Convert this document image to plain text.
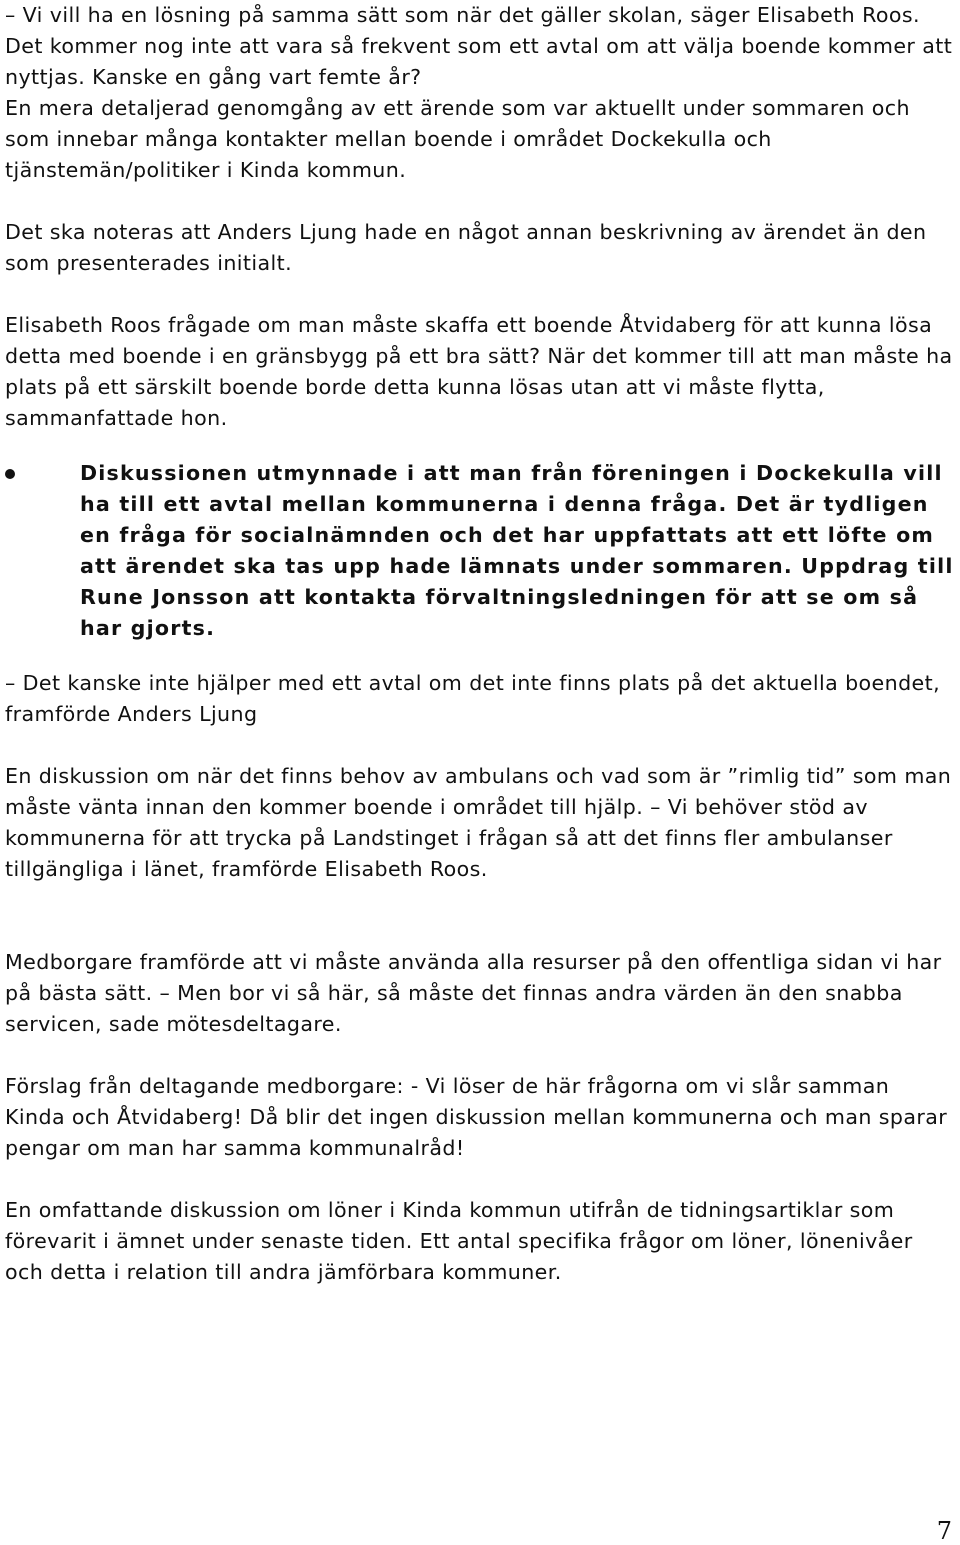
– Vi vill ha en lösning på samma sätt som när det gäller skolan, säger Elisabeth Roos. Det kommer nog inte att vara så frekvent som ett avtal om att välja boende kommer att nyttjas. Kanske en gång vart femte år?

En mera detaljerad genomgång av ett ärende som var aktuellt under sommaren och som innebar många kontakter mellan boende i området Dockekulla och tjänstemän/politiker i Kinda kommun.

Det ska noteras att Anders Ljung hade en något annan beskrivning av ärendet än den som presenterades initialt.

Elisabeth Roos frågade om man måste skaffa ett boende Åtvidaberg för att kunna lösa detta med boende i en gränsbygg på ett bra sätt? När det kommer till att man måste ha plats på ett särskilt boende borde detta kunna lösas utan att vi måste flytta, sammanfattade hon.

Diskussionen utmynnade i att man från föreningen i Dockekulla vill ha till ett avtal mellan kommunerna i denna fråga. Det är tydligen en fråga för socialnämnden och det har uppfattats att ett löfte om att ärendet ska tas upp hade lämnats under sommaren. Uppdrag till Rune Jonsson att kontakta förvaltningsledningen för att se om så har gjorts.

– Det kanske inte hjälper med ett avtal om det inte finns plats på det aktuella boendet, framförde Anders Ljung

En diskussion om när det finns behov av ambulans och vad som är ”rimlig tid” som man måste vänta innan den kommer boende i området till hjälp. – Vi behöver stöd av kommunerna för att trycka på Landstinget i frågan så att det finns fler ambulanser tillgängliga i länet, framförde Elisabeth Roos.

Medborgare framförde att vi måste använda alla resurser på den offentliga sidan vi har på bästa sätt. – Men bor vi så här, så måste det finnas andra värden än den snabba servicen, sade mötesdeltagare.

Förslag från deltagande medborgare: - Vi löser de här frågorna om vi slår samman Kinda och Åtvidaberg! Då blir det ingen diskussion mellan kommunerna och man sparar pengar om man har samma kommunalråd!

En omfattande diskussion om löner i Kinda kommun utifrån de tidningsartiklar som förevarit i ämnet under senaste tiden. Ett antal specifika frågor om löner, lönenivåer och detta i relation till andra jämförbara kommuner.

7
